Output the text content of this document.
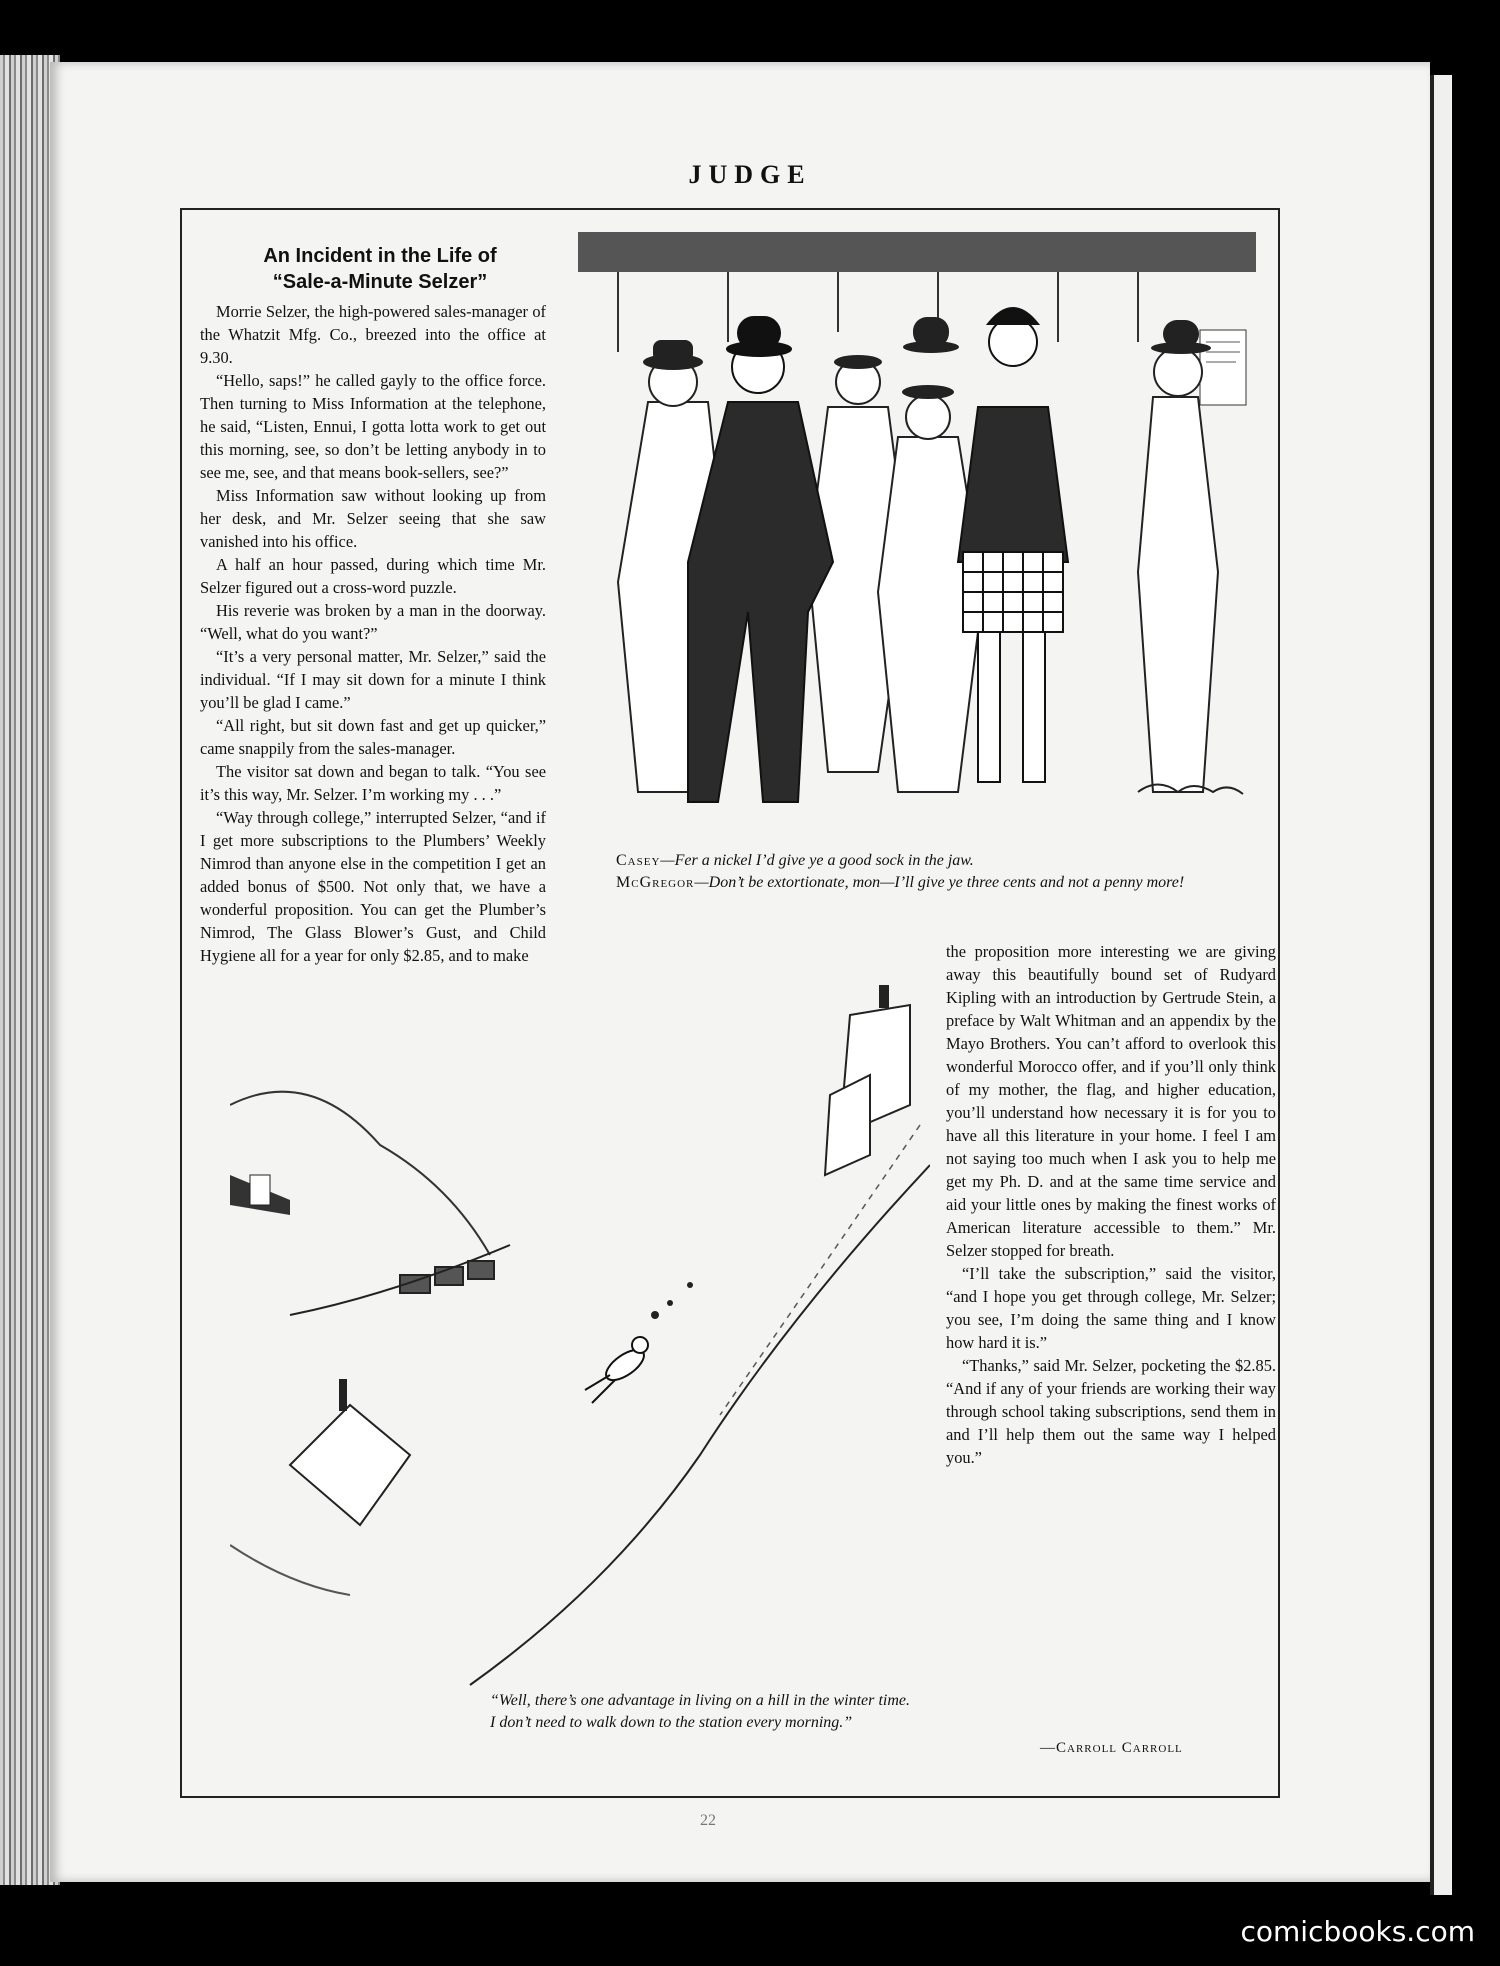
JUDGE
An Incident in the Life of
“Sale-a-Minute Selzer”

Morrie Selzer, the high-powered sales-manager of the Whatzit Mfg. Co., breezed into the office at 9.30.

“Hello, saps!” he called gayly to the office force. Then turning to Miss Information at the telephone, he said, “Listen, Ennui, I gotta lotta work to get out this morning, see, so don’t be letting anybody in to see me, see, and that means book-sellers, see?”

Miss Information saw without looking up from her desk, and Mr. Selzer seeing that she saw vanished into his office.

A half an hour passed, during which time Mr. Selzer figured out a cross-word puzzle.

His reverie was broken by a man in the doorway. “Well, what do you want?”

“It’s a very personal matter, Mr. Selzer,” said the individual. “If I may sit down for a minute I think you’ll be glad I came.”

“All right, but sit down fast and get up quicker,” came snappily from the sales-manager.

The visitor sat down and began to talk. “You see it’s this way, Mr. Selzer. I’m working my . . .”

“Way through college,” interrupted Selzer, “and if I get more subscriptions to the Plumbers’ Weekly Nimrod than anyone else in the competition I get an added bonus of $500. Not only that, we have a wonderful proposition. You can get the Plumber’s Nimrod, The Glass Blower’s Gust, and Child Hygiene all for a year for only $2.85, and to make

Casey—Fer a nickel I’d give ye a good sock in the jaw.
McGregor—Don’t be extortionate, mon—I’ll give ye three cents and not a penny more!
“Well, there’s one advantage in living on a hill in the winter time. I don’t need to walk down to the station every morning.”

the proposition more interesting we are giving away this beautifully bound set of Rudyard Kipling with an introduction by Gertrude Stein, a preface by Walt Whitman and an appendix by the Mayo Brothers. You can’t afford to overlook this wonderful Morocco offer, and if you’ll only think of my mother, the flag, and higher education, you’ll understand how necessary it is for you to have all this literature in your home. I feel I am not saying too much when I ask you to help me get my Ph. D. and at the same time service and aid your little ones by making the finest works of American literature accessible to them.” Mr. Selzer stopped for breath.

“I’ll take the subscription,” said the visitor, “and I hope you get through college, Mr. Selzer; you see, I’m doing the same thing and I know how hard it is.”

“Thanks,” said Mr. Selzer, pocketing the $2.85. “And if any of your friends are working their way through school taking subscriptions, send them in and I’ll help them out the same way I helped you.”

—Carroll Carroll
22
comicbooks.com
